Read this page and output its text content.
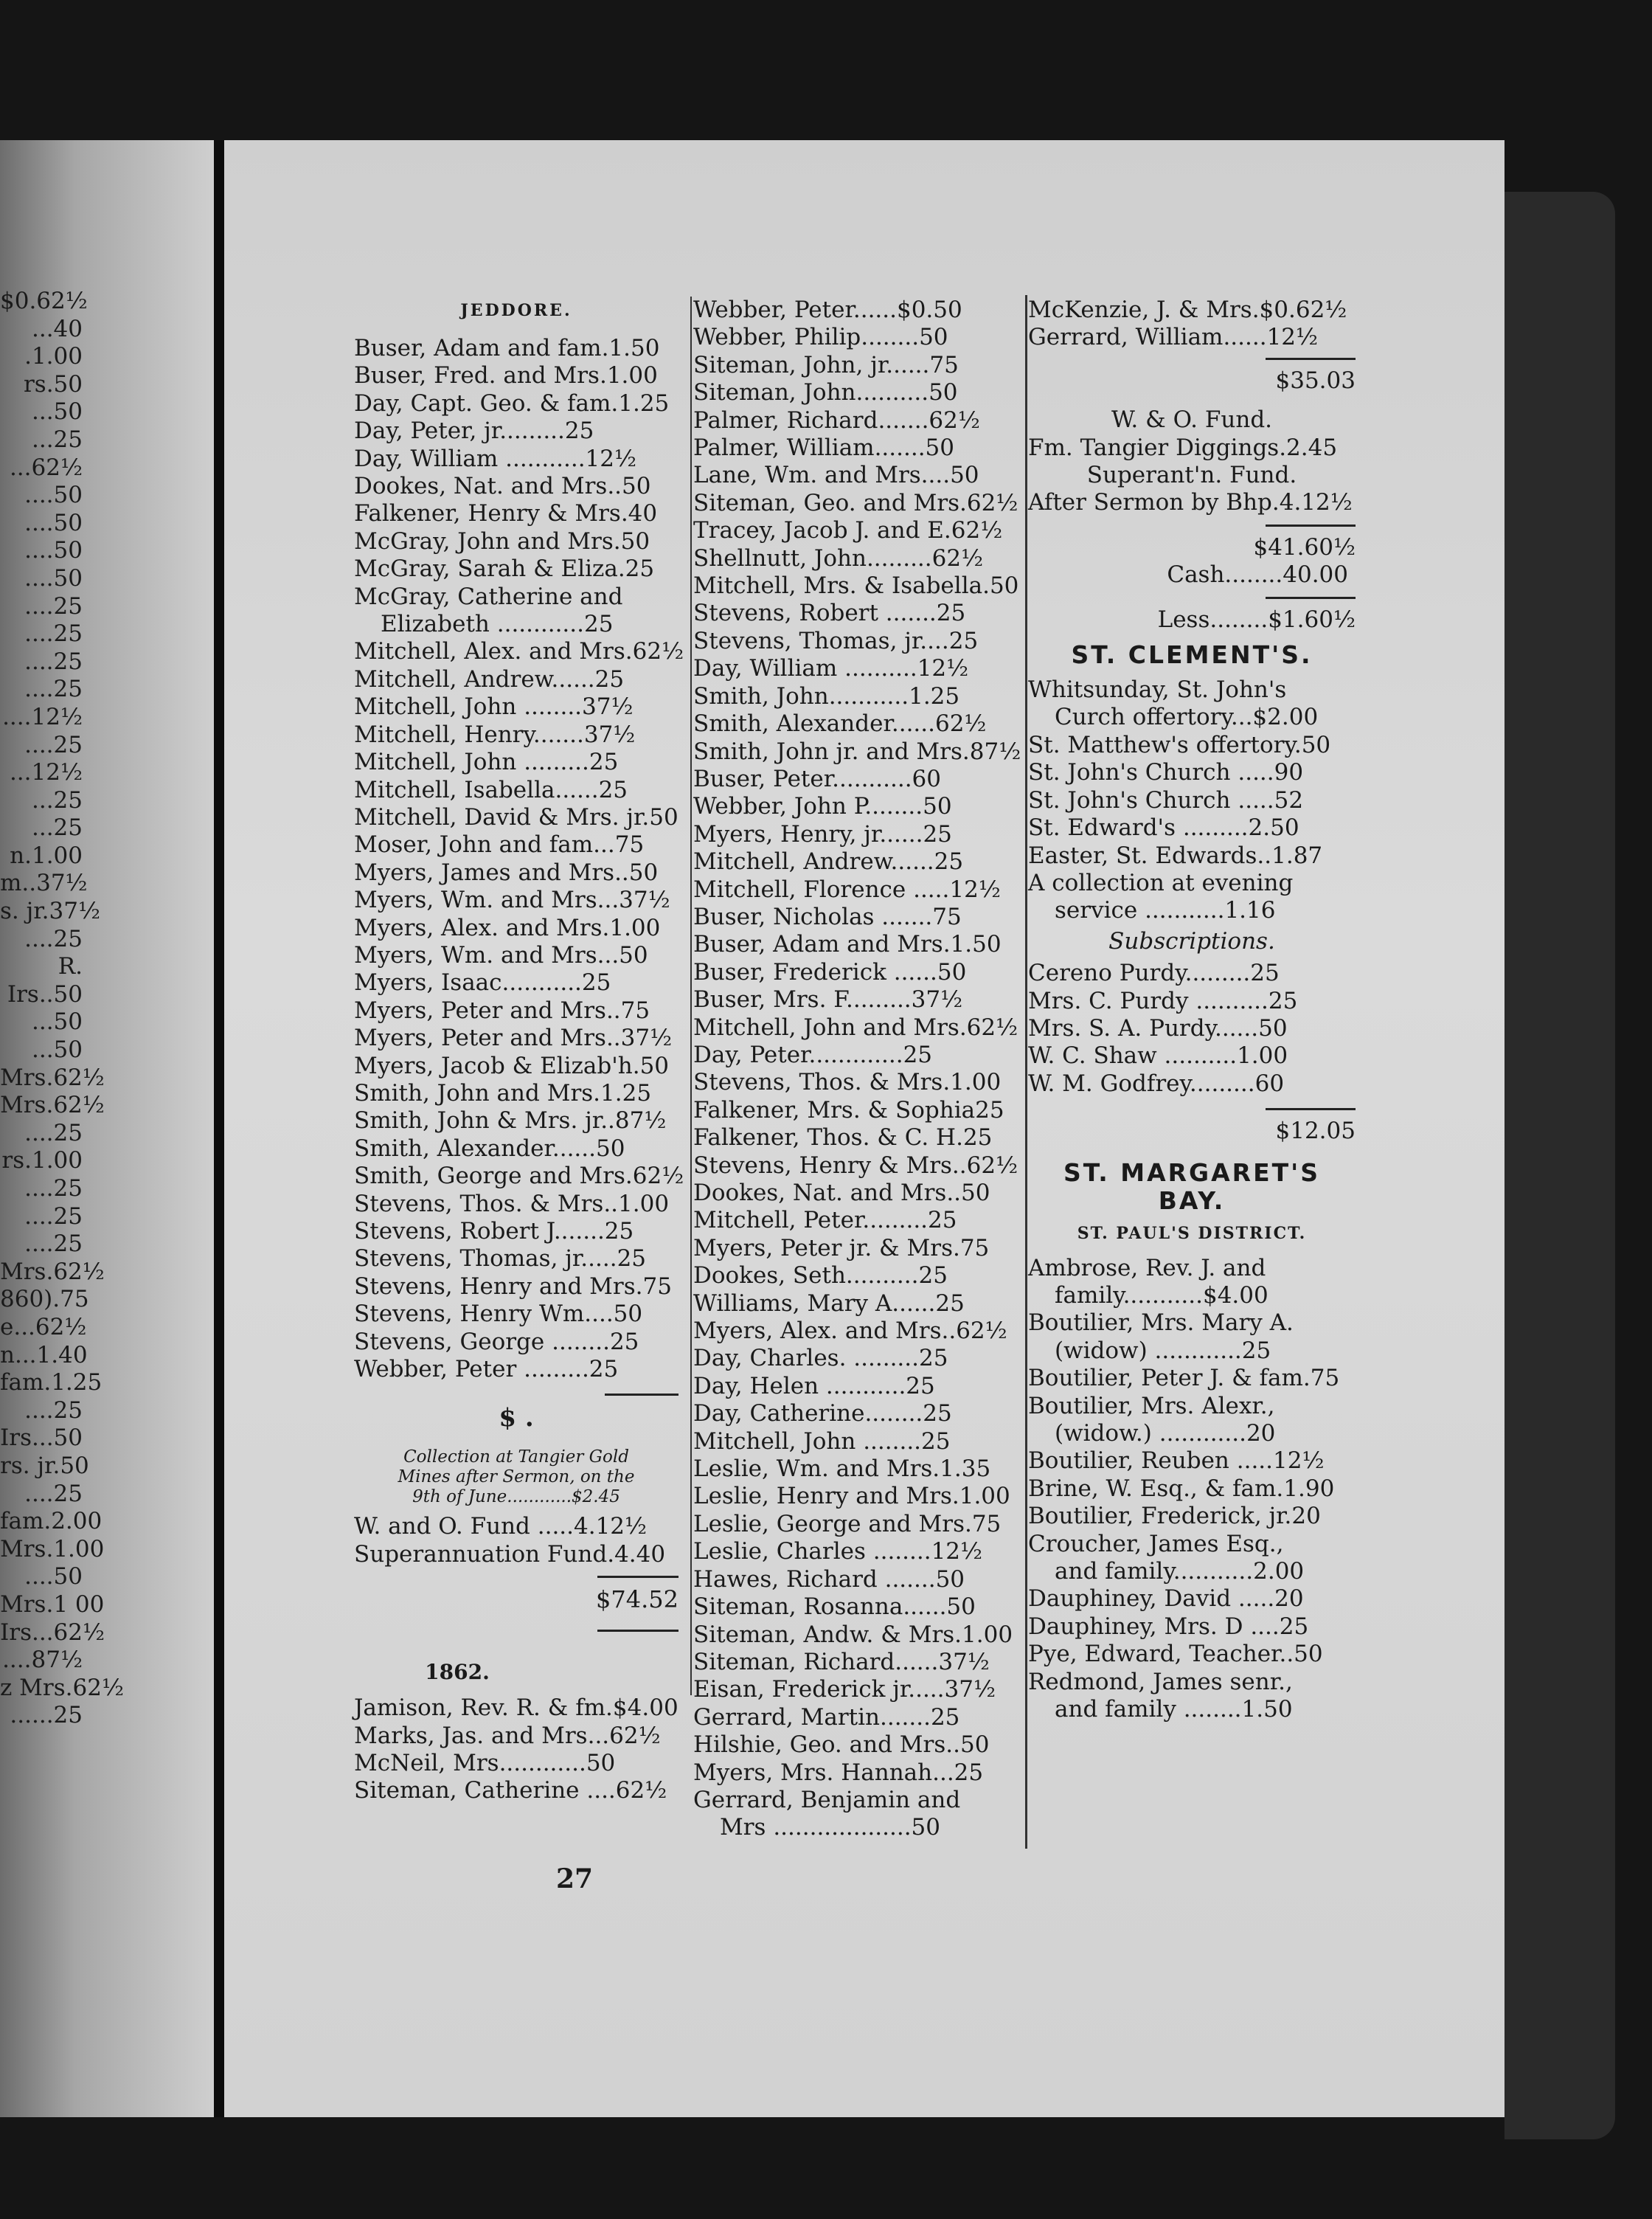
$0.62½
...40
.1.00
rs.50
...50
...25
...62½
....50
....50
....50
....50
....25
....25
....25
....25
....12½
....25
...12½
...25
...25
n.1.00
m..37½
s. jr.37½
....25
R.
Irs..50
...50
...50
Mrs.62½
Mrs.62½
....25
rs.1.00
....25
....25
....25
Mrs.62½
860).75
e...62½
n...1.40
fam.1.25
....25
Irs...50
rs. jr.50
....25
fam.2.00
Mrs.1.00
....50
Mrs.1 00
Irs...62½
....87½
z Mrs.62½
......25
JEDDORE.
Buser, Adam and fam.1.50
Buser, Fred. and Mrs.1.00
Day, Capt. Geo. & fam.1.25
Day, Peter, jr.........25
Day, William ...........12½
Dookes, Nat. and Mrs..50
Falkener, Henry & Mrs.40
McGray, John and Mrs.50
McGray, Sarah & Eliza.25
McGray, Catherine and
Elizabeth ............25
Mitchell, Alex. and Mrs.62½
Mitchell, Andrew......25
Mitchell, John ........37½
Mitchell, Henry.......37½
Mitchell, John .........25
Mitchell, Isabella......25
Mitchell, David & Mrs. jr.50
Moser, John and fam...75
Myers, James and Mrs..50
Myers, Wm. and Mrs...37½
Myers, Alex. and Mrs.1.00
Myers, Wm. and Mrs...50
Myers, Isaac...........25
Myers, Peter and Mrs..75
Myers, Peter and Mrs..37½
Myers, Jacob & Elizab'h.50
Smith, John and Mrs.1.25
Smith, John & Mrs. jr..87½
Smith, Alexander......50
Smith, George and Mrs.62½
Stevens, Thos. & Mrs..1.00
Stevens, Robert J.......25
Stevens, Thomas, jr.....25
Stevens, Henry and Mrs.75
Stevens, Henry Wm....50
Stevens, George ........25
Webber, Peter .........25
$ .
Collection at Tangier Gold
Mines after Sermon, on the
9th of June............$2.45
W. and O. Fund .....4.12½
Superannuation Fund.4.40
$74.52
1862.
Jamison, Rev. R. & fm.$4.00
Marks, Jas. and Mrs...62½
McNeil, Mrs............50
Siteman, Catherine ....62½
27
Webber, Peter......$0.50
Webber, Philip........50
Siteman, John, jr......75
Siteman, John..........50
Palmer, Richard.......62½
Palmer, William.......50
Lane, Wm. and Mrs....50
Siteman, Geo. and Mrs.62½
Tracey, Jacob J. and E.62½
Shellnutt, John.........62½
Mitchell, Mrs. & Isabella.50
Stevens, Robert .......25
Stevens, Thomas, jr....25
Day, William ..........12½
Smith, John...........1.25
Smith, Alexander......62½
Smith, John jr. and Mrs.87½
Buser, Peter...........60
Webber, John P........50
Myers, Henry, jr......25
Mitchell, Andrew......25
Mitchell, Florence .....12½
Buser, Nicholas .......75
Buser, Adam and Mrs.1.50
Buser, Frederick ......50
Buser, Mrs. F.........37½
Mitchell, John and Mrs.62½
Day, Peter.............25
Stevens, Thos. & Mrs.1.00
Falkener, Mrs. & Sophia25
Falkener, Thos. & C. H.25
Stevens, Henry & Mrs..62½
Dookes, Nat. and Mrs..50
Mitchell, Peter.........25
Myers, Peter jr. & Mrs.75
Dookes, Seth..........25
Williams, Mary A......25
Myers, Alex. and Mrs..62½
Day, Charles. .........25
Day, Helen ...........25
Day, Catherine........25
Mitchell, John ........25
Leslie, Wm. and Mrs.1.35
Leslie, Henry and Mrs.1.00
Leslie, George and Mrs.75
Leslie, Charles ........12½
Hawes, Richard .......50
Siteman, Rosanna......50
Siteman, Andw. & Mrs.1.00
Siteman, Richard......37½
Eisan, Frederick jr.....37½
Gerrard, Martin.......25
Hilshie, Geo. and Mrs..50
Myers, Mrs. Hannah...25
Gerrard, Benjamin and
Mrs ...................50
McKenzie, J. & Mrs.$0.62½
Gerrard, William......12½
$35.03
W. & O. Fund.
Fm. Tangier Diggings.2.45
Superant'n. Fund.
After Sermon by Bhp.4.12½
$41.60½
Cash........40.00
Less........$1.60½
ST. CLEMENT'S.
Whitsunday, St. John's
Curch offertory...$2.00
St. Matthew's offertory.50
St. John's Church .....90
St. John's Church .....52
St. Edward's .........2.50
Easter, St. Edwards..1.87
A collection at evening
service ...........1.16
Subscriptions.
Cereno Purdy.........25
Mrs. C. Purdy ..........25
Mrs. S. A. Purdy......50
W. C. Shaw ..........1.00
W. M. Godfrey.........60
$12.05
ST. MARGARET'S
BAY.
ST. PAUL'S DISTRICT.
Ambrose, Rev. J. and
family...........$4.00
Boutilier, Mrs. Mary A.
(widow) ............25
Boutilier, Peter J. & fam.75
Boutilier, Mrs. Alexr.,
(widow.) ............20
Boutilier, Reuben .....12½
Brine, W. Esq., & fam.1.90
Boutilier, Frederick, jr.20
Croucher, James Esq.,
and family...........2.00
Dauphiney, David .....20
Dauphiney, Mrs. D ....25
Pye, Edward, Teacher..50
Redmond, James senr.,
and family ........1.50
